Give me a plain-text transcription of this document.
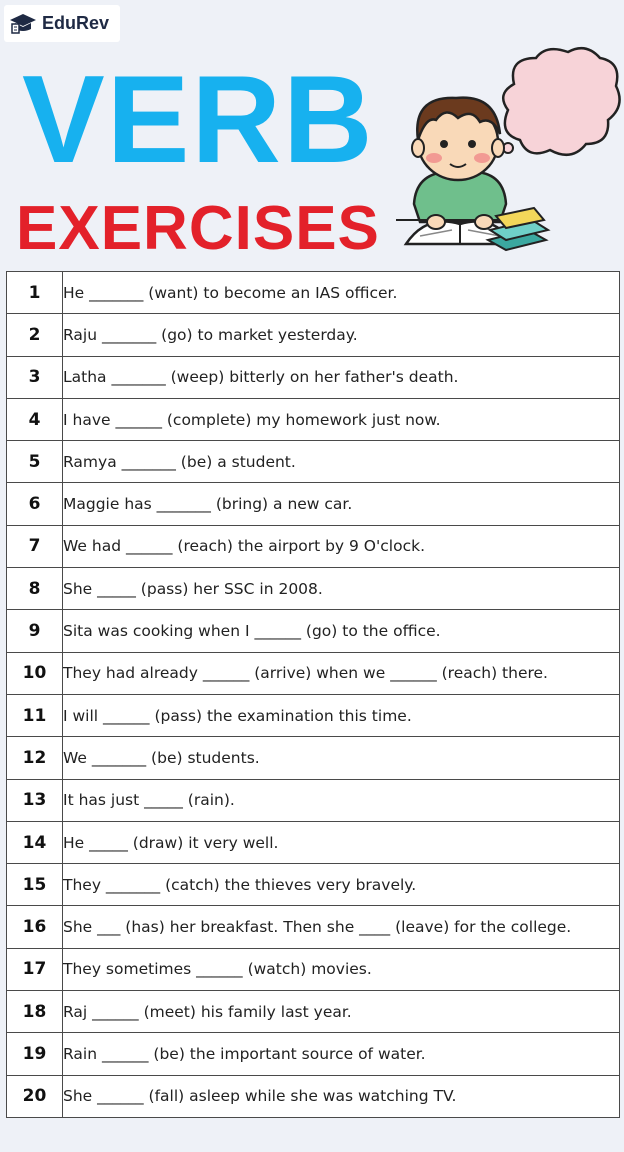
EduRev
VERB
EXERCISES
1	He _______ (want) to become an IAS officer.
2	Raju _______ (go) to market yesterday.
3	Latha _______ (weep) bitterly on her father's death.
4	I have ______ (complete) my homework just now.
5	Ramya _______ (be) a student.
6	Maggie has _______ (bring) a new car.
7	We had ______ (reach) the airport by 9 O'clock.
8	She _____ (pass) her SSC in 2008.
9	Sita was cooking when I ______ (go) to the office.
10	They had already ______ (arrive) when we ______ (reach) there.
11	I will ______ (pass) the examination this time.
12	We _______ (be) students.
13	It has just _____ (rain).
14	He _____ (draw) it very well.
15	They _______ (catch) the thieves very bravely.
16	She ___ (has) her breakfast. Then she ____ (leave) for the college.
17	They sometimes ______ (watch) movies.
18	Raj ______ (meet) his family last year.
19	Rain ______ (be) the important source of water.
20	She ______ (fall) asleep while she was watching TV.
